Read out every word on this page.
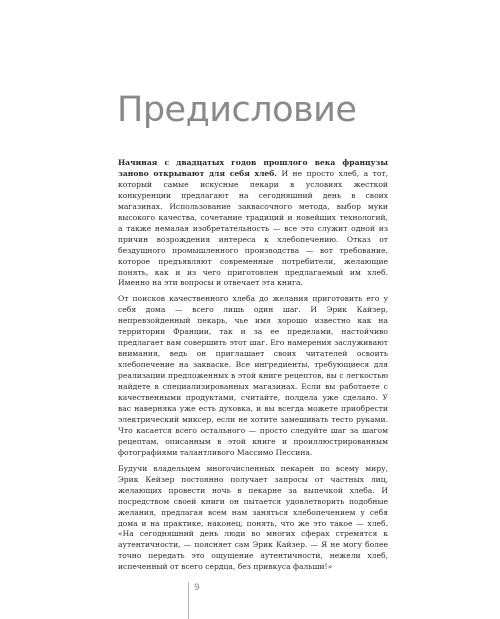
Предисловие

Начиная с двадцатых годов прошлого века французы заново открывают для себя хлеб. И не просто хлеб, а тот, который самые искусные пекари в условиях жесткой конкуренции предлагают на сегодняшний день в своих магазинах. Использование заквасочного метода, выбор муки высокого качества, сочетание традиций и новейших технологий, а также немалая изобретательность — все это служит одной из причин возрождения интереса к хлебопечению. Отказ от бездушного промышленного производства — вот требование, которое предъявляют современные потребители, желающие понять, как и из чего приготовлен предлагаемый им хлеб. Именно на эти вопросы и отвечает эта книга.

От поисков качественного хлеба до желания приготовить его у себя дома — всего лишь один шаг. И Эрик Кайзер, непревзойденный пекарь, чье имя хорошо известно как на территории Франции, так и за ее пределами, настойчиво предлагает вам совершить этот шаг. Его намерения заслуживают внимания, ведь он приглашает своих читателей освоить хлебопечение на закваске. Все ингредиенты, требующиеся для реализации предложенных в этой книге рецептов, вы с легкостью найдете в специализированных магазинах. Если вы работаете с качественными продуктами, считайте, полдела уже сделано. У вас наверняка уже есть духовка, и вы всегда можете приобрести электрический миксер, если не хотите замешивать тесто руками. Что касается всего остального — просто следуйте шаг за шагом рецептам, описанным в этой книге и проиллюстрированным фотографиями талантливого Массимо Пессина.

Будучи владельцем многочисленных пекарен по всему миру, Эрик Кейзер постоянно получает запросы от частных лиц, желающих провести ночь в пекарне за выпечкой хлеба. И посредством своей книги он пытается удовлетворить подобные желания, предлагая всем нам заняться хлебопечением у себя дома и на практике, наконец, понять, что же это такое — хлеб. «На сегодняшний день люди во многих сферах стремятся к аутентичности, — поясняет сам Эрик Кайзер. — Я не могу более точно передать это ощущение аутентичности, нежели хлеб, испеченный от всего сердца, без привкуса фальши!»

9
